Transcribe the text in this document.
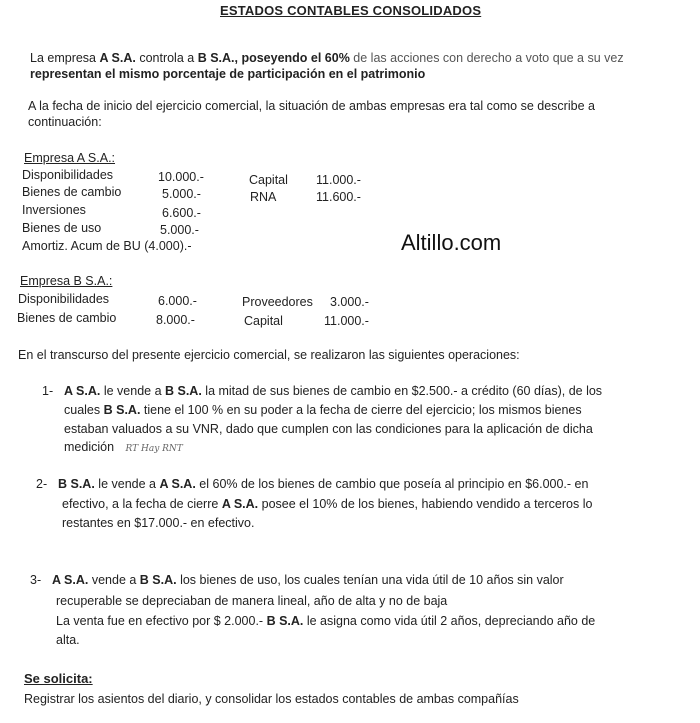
ESTADOS CONTABLES CONSOLIDADOS
La empresa A S.A. controla a B S.A., poseyendo el 60% de las acciones con derecho a voto que a su vez
representan el mismo porcentaje de participación en el patrimonio
A la fecha de inicio del ejercicio comercial, la situación de ambas empresas era tal como se describe a
continuación:
Empresa A S.A.:
Disponibilidades	10.000.-
Bienes de cambio	5.000.-
Inversiones	6.600.-
Bienes de uso	5.000.-
Amortiz. Acum de BU (4.000).-
Capital 11.000.-
RNA	11.600.-
Altillo.com
Empresa B S.A.:
Disponibilidades	6.000.-
Bienes de cambio	8.000.-
Proveedores 3.000.-
Capital	11.000.-
En el transcurso del presente ejercicio comercial, se realizaron las siguientes operaciones:
1- A S.A. le vende a B S.A. la mitad de sus bienes de cambio en $2.500.- a crédito (60 días), de los
cuales B S.A. tiene el 100 % en su poder a la fecha de cierre del ejercicio; los mismos bienes
estaban valuados a su VNR, dado que cumplen con las condiciones para la aplicación de dicha
medición RT Hay RNT
2- B S.A. le vende a A S.A. el 60% de los bienes de cambio que poseía al principio en $6.000.- en
efectivo, a la fecha de cierre A S.A. posee el 10% de los bienes, habiendo vendido a terceros lo
restantes en $17.000.- en efectivo.
3- A S.A. vende a B S.A. los bienes de uso, los cuales tenían una vida útil de 10 años sin valor
recuperable se depreciaban de manera lineal, año de alta y no de baja
La venta fue en efectivo por $ 2.000.- B S.A. le asigna como vida útil 2 años, depreciando año de
alta.
Se solicita:
Registrar los asientos del diario, y consolidar los estados contables de ambas compañías
